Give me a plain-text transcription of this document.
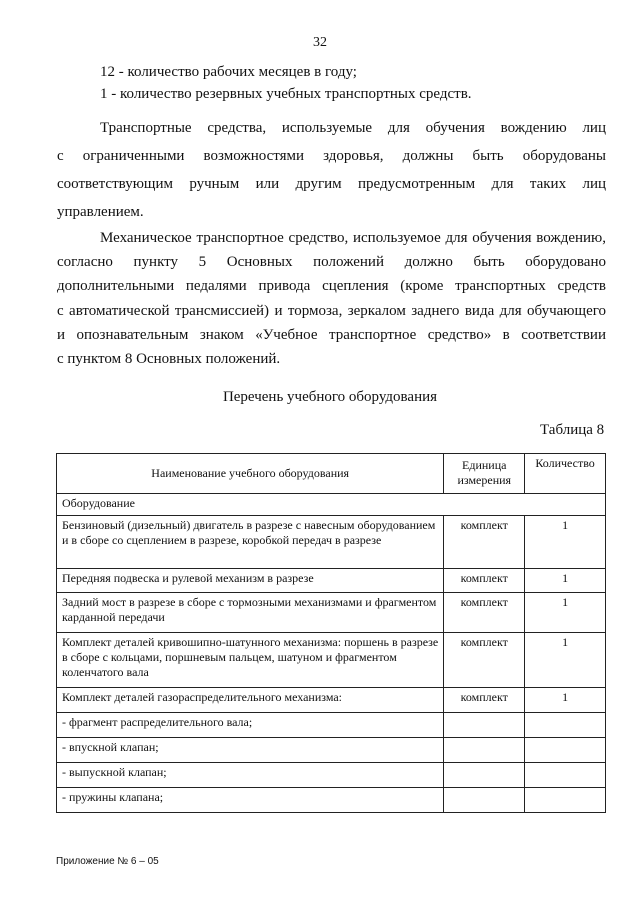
32
12 - количество рабочих месяцев в году;
1 - количество резервных учебных транспортных средств.
Транспортные средства, используемые для обучения вождению лиц
с ограниченными возможностями здоровья, должны быть оборудованы
соответствующим ручным или другим предусмотренным для таких лиц
управлением.
Механическое транспортное средство, используемое для обучения вождению,
согласно пункту 5 Основных положений должно быть оборудовано
дополнительными педалями привода сцепления (кроме транспортных средств
с автоматической трансмиссией) и тормоза, зеркалом заднего вида для обучающего
и опознавательным знаком «Учебное транспортное средство» в соответствии
с пунктом 8 Основных положений.
Перечень учебного оборудования
Таблица 8
Наименование учебного оборудования	Единица измерения	Количество
Оборудование		
Бензиновый (дизельный) двигатель в разрезе с навесным оборудованием и в сборе со сцеплением в разрезе, коробкой передач в разрезе	комплект	1
Передняя подвеска и рулевой механизм в разрезе	комплект	1
Задний мост в разрезе в сборе с тормозными механизмами и фрагментом карданной передачи	комплект	1
Комплект деталей кривошипно-шатунного механизма: поршень в разрезе в сборе с кольцами, поршневым пальцем, шатуном и фрагментом коленчатого вала	комплект	1
Комплект деталей газораспределительного механизма:	комплект	1
- фрагмент распределительного вала;		
- впускной клапан;		
- выпускной клапан;		
- пружины клапана;		
Приложение № 6 – 05
